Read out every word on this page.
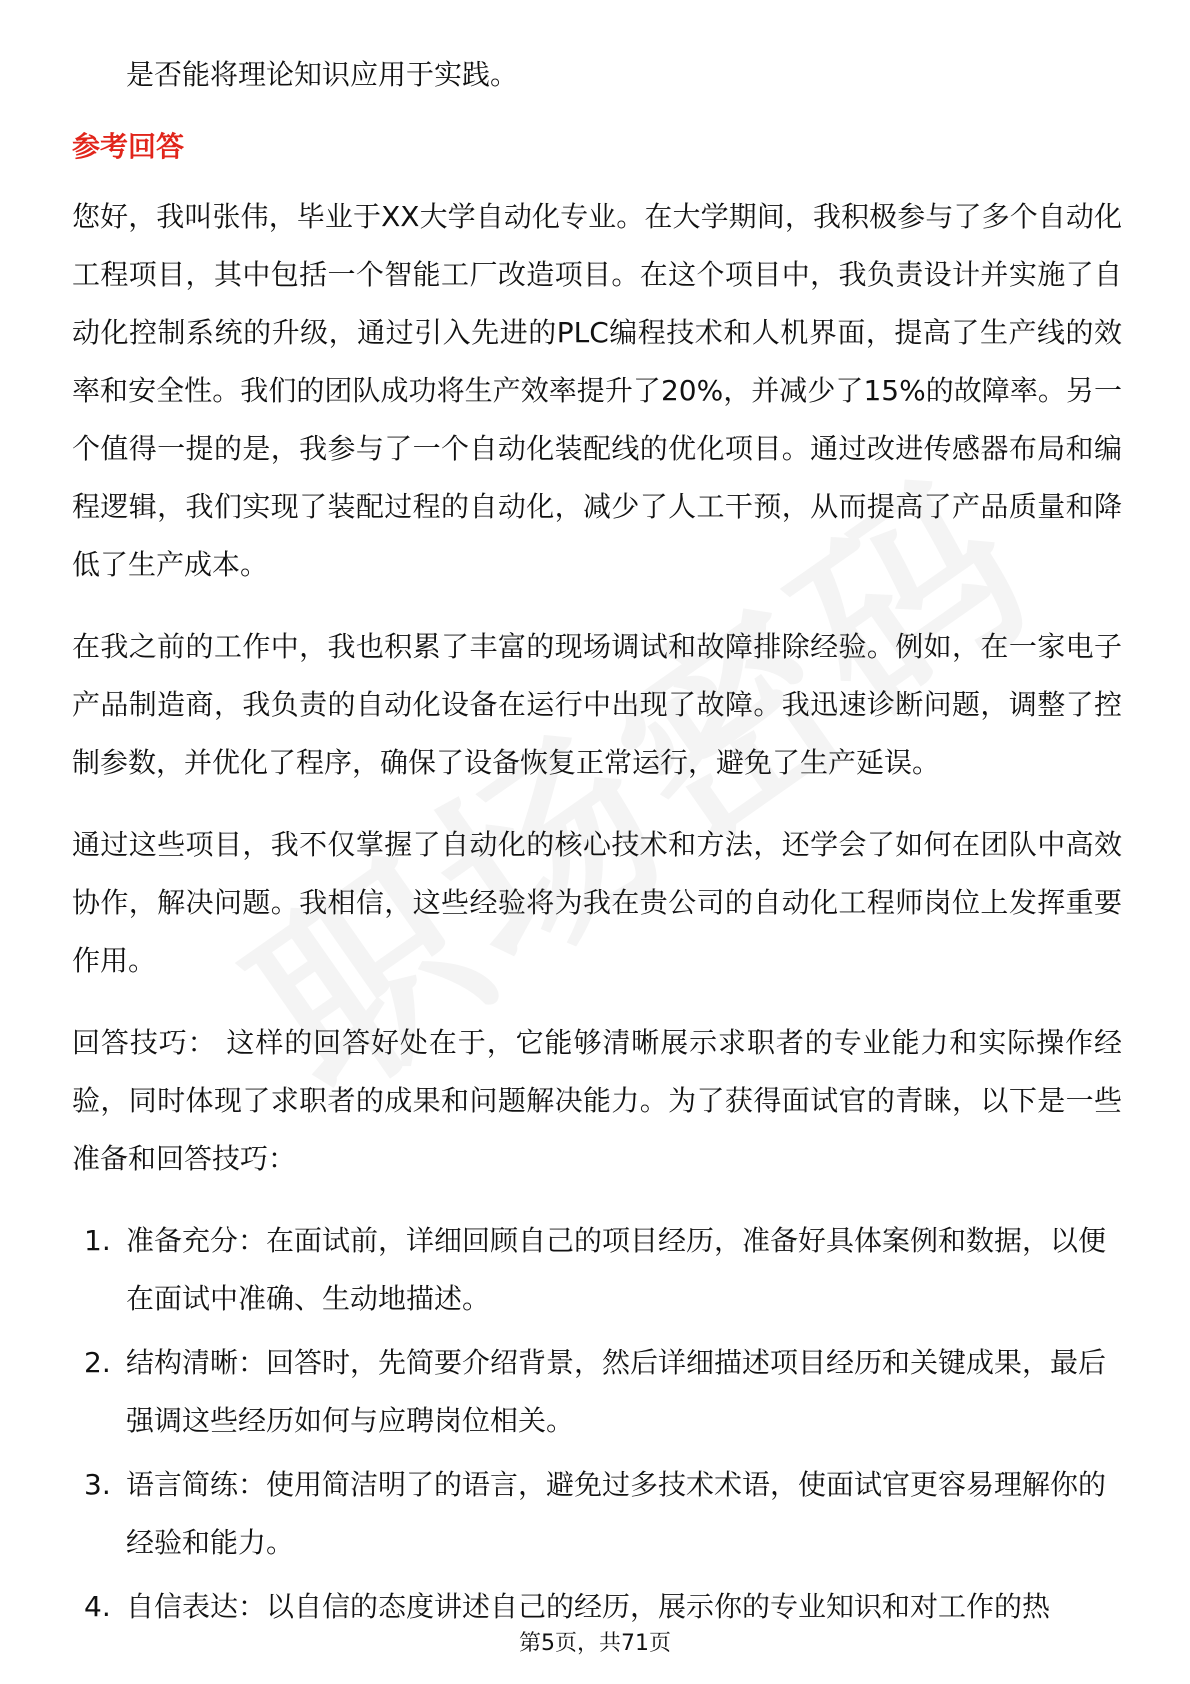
是否能将理论知识应用于实践。

参考回答

您好，我叫张伟，毕业于XX大学自动化专业。在大学期间，我积极参与了多个自动化工程项目，其中包括一个智能工厂改造项目。在这个项目中，我负责设计并实施了自动化控制系统的升级，通过引入先进的PLC编程技术和人机界面，提高了生产线的效率和安全性。我们的团队成功将生产效率提升了20%，并减少了15%的故障率。另一个值得一提的是，我参与了一个自动化装配线的优化项目。通过改进传感器布局和编程逻辑，我们实现了装配过程的自动化，减少了人工干预，从而提高了产品质量和降低了生产成本。

在我之前的工作中，我也积累了丰富的现场调试和故障排除经验。例如，在一家电子产品制造商，我负责的自动化设备在运行中出现了故障。我迅速诊断问题，调整了控制参数，并优化了程序，确保了设备恢复正常运行，避免了生产延误。

通过这些项目，我不仅掌握了自动化的核心技术和方法，还学会了如何在团队中高效协作，解决问题。我相信，这些经验将为我在贵公司的自动化工程师岗位上发挥重要作用。

回答技巧： 这样的回答好处在于，它能够清晰展示求职者的专业能力和实际操作经验，同时体现了求职者的成果和问题解决能力。为了获得面试官的青睐，以下是一些准备和回答技巧：

1. 准备充分：在面试前，详细回顾自己的项目经历，准备好具体案例和数据，以便在面试中准确、生动地描述。
2. 结构清晰：回答时，先简要介绍背景，然后详细描述项目经历和关键成果，最后强调这些经历如何与应聘岗位相关。
3. 语言简练：使用简洁明了的语言，避免过多技术术语，使面试官更容易理解你的经验和能力。
4. 自信表达：以自信的态度讲述自己的经历，展示你的专业知识和对工作的热
第5页，共71页
